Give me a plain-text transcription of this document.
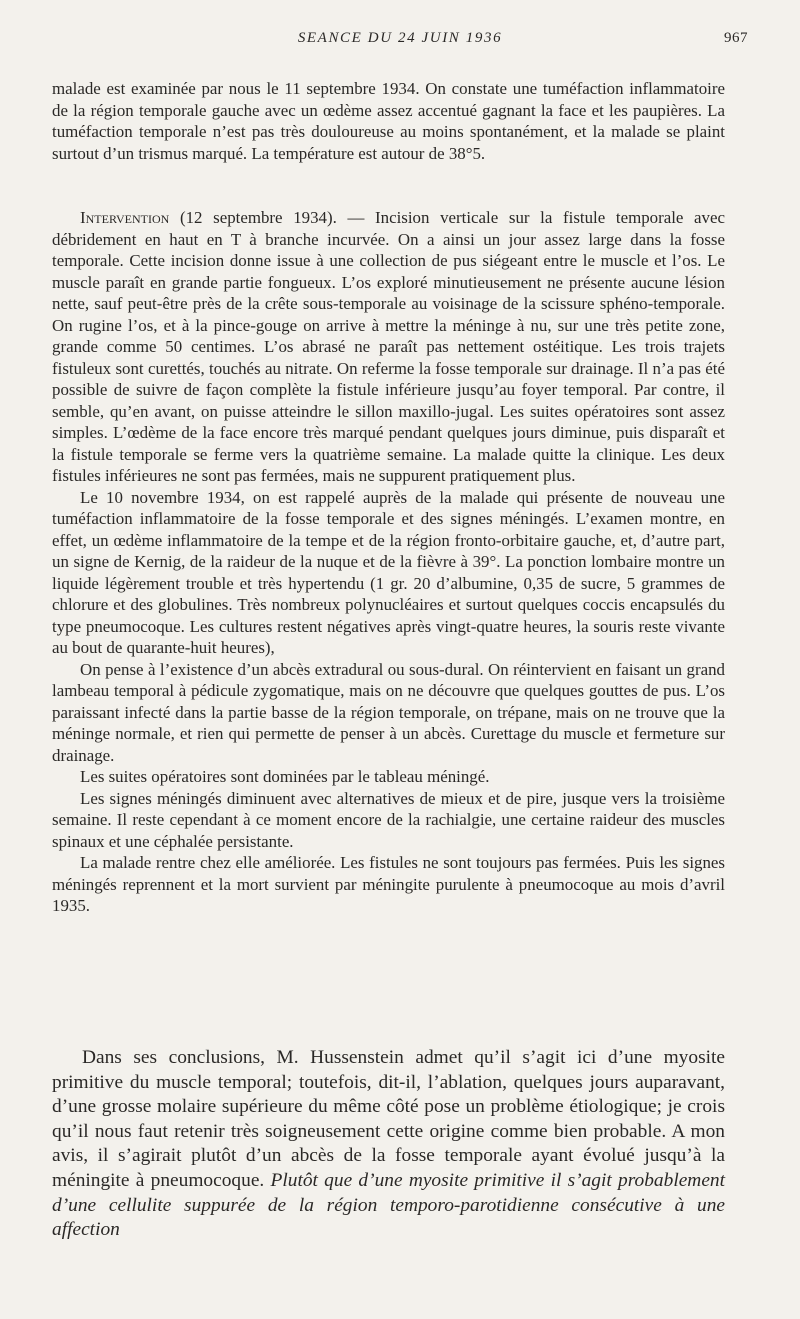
SEANCE DU 24 JUIN 1936	967

malade est examinée par nous le 11 septembre 1934. On constate une tuméfaction inflammatoire de la région temporale gauche avec un œdème assez accentué gagnant la face et les paupières. La tuméfaction temporale n’est pas très douloureuse au moins spontanément, et la malade se plaint surtout d’un trismus marqué. La température est autour de 38°5.

Intervention (12 septembre 1934). — Incision verticale sur la fistule temporale avec débridement en haut en T à branche incurvée. On a ainsi un jour assez large dans la fosse temporale. Cette incision donne issue à une collection de pus siégeant entre le muscle et l’os. Le muscle paraît en grande partie fongueux. L’os exploré minutieusement ne présente aucune lésion nette, sauf peut-être près de la crête sous-temporale au voisinage de la scissure sphéno-temporale. On rugine l’os, et à la pince-gouge on arrive à mettre la méninge à nu, sur une très petite zone, grande comme 50 centimes. L’os abrasé ne paraît pas nettement ostéitique. Les trois trajets fistuleux sont curettés, touchés au nitrate. On referme la fosse temporale sur drainage. Il n’a pas été possible de suivre de façon complète la fistule inférieure jusqu’au foyer temporal. Par contre, il semble, qu’en avant, on puisse atteindre le sillon maxillo-jugal. Les suites opératoires sont assez simples. L’œdème de la face encore très marqué pendant quelques jours diminue, puis disparaît et la fistule temporale se ferme vers la quatrième semaine. La malade quitte la clinique. Les deux fistules inférieures ne sont pas fermées, mais ne suppurent pratiquement plus.

Le 10 novembre 1934, on est rappelé auprès de la malade qui présente de nouveau une tuméfaction inflammatoire de la fosse temporale et des signes méningés. L’examen montre, en effet, un œdème inflammatoire de la tempe et de la région fronto-orbitaire gauche, et, d’autre part, un signe de Kernig, de la raideur de la nuque et de la fièvre à 39°. La ponction lombaire montre un liquide légèrement trouble et très hypertendu (1 gr. 20 d’albumine, 0,35 de sucre, 5 grammes de chlorure et des globulines. Très nombreux polynucléaires et surtout quelques coccis encapsulés du type pneumocoque. Les cultures restent négatives après vingt-quatre heures, la souris reste vivante au bout de quarante-huit heures),

On pense à l’existence d’un abcès extradural ou sous-dural. On réintervient en faisant un grand lambeau temporal à pédicule zygomatique, mais on ne découvre que quelques gouttes de pus. L’os paraissant infecté dans la partie basse de la région temporale, on trépane, mais on ne trouve que la méninge normale, et rien qui permette de penser à un abcès. Curettage du muscle et fermeture sur drainage.

Les suites opératoires sont dominées par le tableau méningé.

Les signes méningés diminuent avec alternatives de mieux et de pire, jusque vers la troisième semaine. Il reste cependant à ce moment encore de la rachialgie, une certaine raideur des muscles spinaux et une céphalée persistante.

La malade rentre chez elle améliorée. Les fistules ne sont toujours pas fermées. Puis les signes méningés reprennent et la mort survient par méningite purulente à pneumocoque au mois d’avril 1935.

Dans ses conclusions, M. Hussenstein admet qu’il s’agit ici d’une myosite primitive du muscle temporal; toutefois, dit-il, l’ablation, quelques jours auparavant, d’une grosse molaire supérieure du même côté pose un problème étiologique; je crois qu’il nous faut retenir très soigneusement cette origine comme bien probable. A mon avis, il s’agirait plutôt d’un abcès de la fosse temporale ayant évolué jusqu’à la méningite à pneumocoque. Plutôt que d’une myosite primitive il s’agit probablement d’une cellulite suppurée de la région temporo-parotidienne consécutive à une affection
